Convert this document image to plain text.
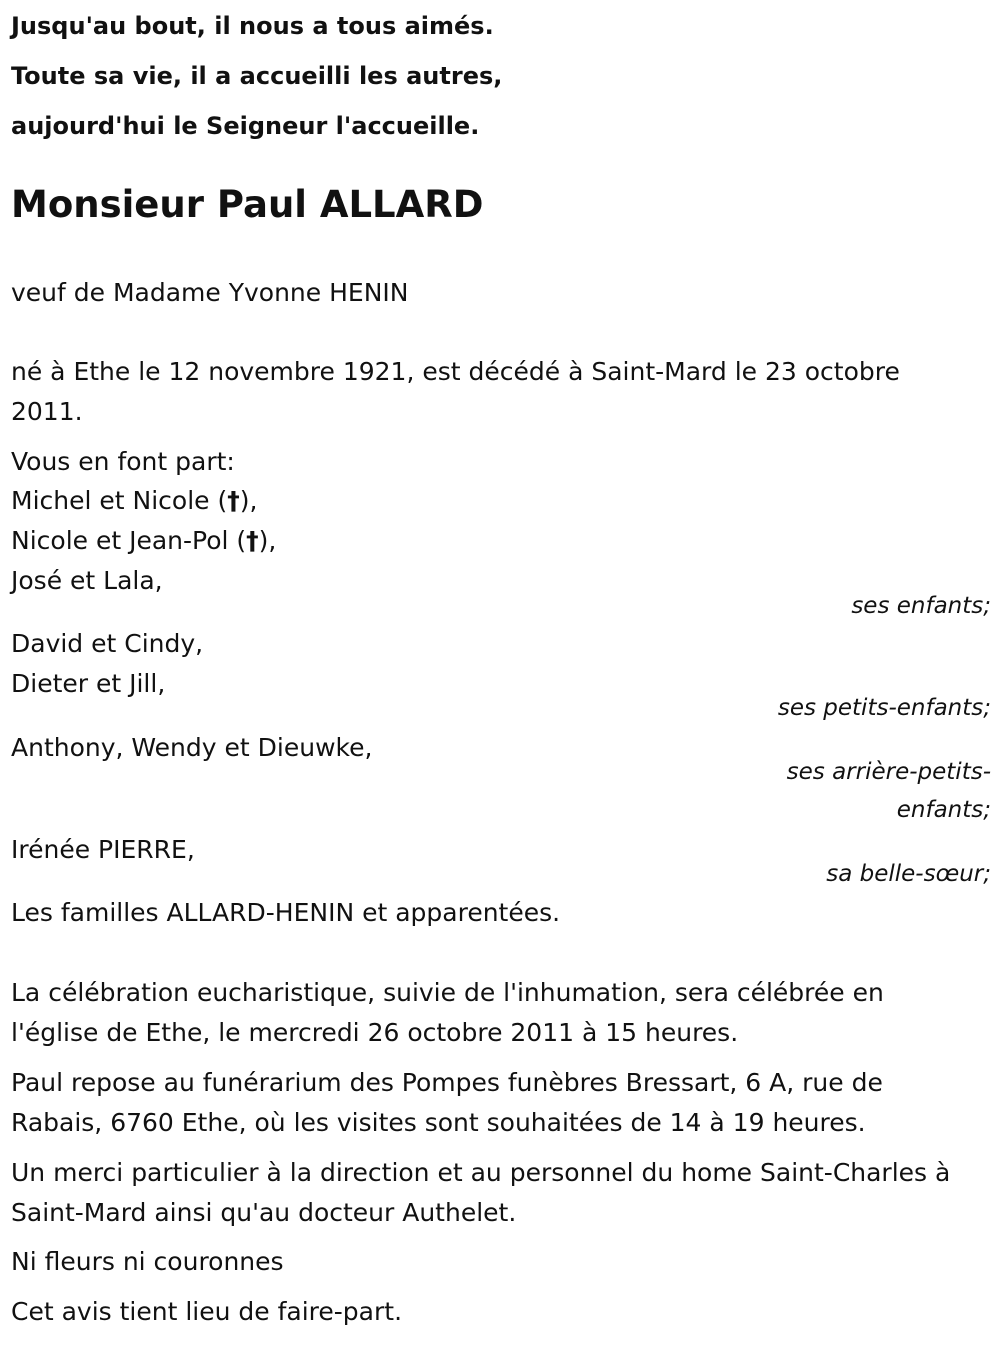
Jusqu'au bout, il nous a tous aimés.
Toute sa vie, il a accueilli les autres,
aujourd'hui le Seigneur l'accueille.
Monsieur Paul ALLARD
veuf de Madame Yvonne HENIN
né à Ethe le 12 novembre 1921, est décédé à Saint-Mard le 23 octobre 2011.
Vous en font part:
Michel et Nicole (†),
Nicole et Jean-Pol (†),
José et Lala,
ses enfants;
David et Cindy,
Dieter et Jill,
ses petits-enfants;
Anthony, Wendy et Dieuwke,
ses arrière-petits-enfants;
Irénée PIERRE,
sa belle-sœur;
Les familles ALLARD-HENIN et apparentées.
La célébration eucharistique, suivie de l'inhumation, sera célébrée en l'église de Ethe, le mercredi 26 octobre 2011 à 15 heures.
Paul repose au funérarium des Pompes funèbres Bressart, 6 A, rue de Rabais, 6760 Ethe, où les visites sont souhaitées de 14 à 19 heures.
Un merci particulier à la direction et au personnel du home Saint-Charles à Saint-Mard ainsi qu'au docteur Authelet.
Ni fleurs ni couronnes
Cet avis tient lieu de faire-part.
